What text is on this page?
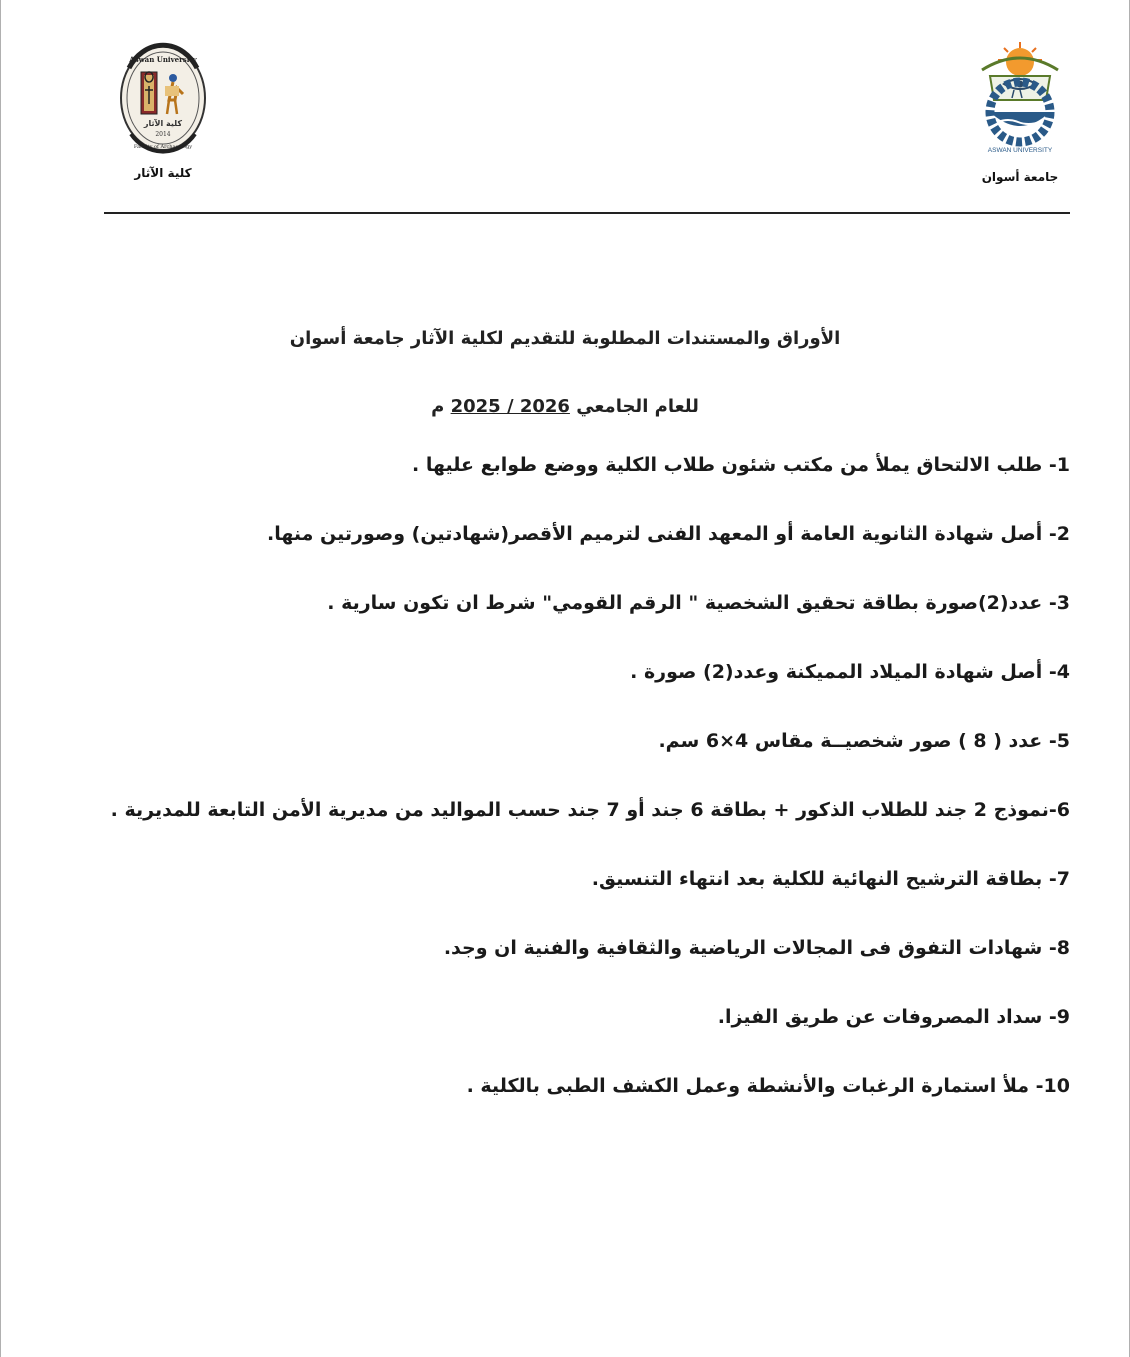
Aswan University
كلية الآثار
2014
Faculty of Archaeology
كلية الآثار
ASWAN UNIVERSITY
جامعة أسوان
الأوراق والمستندات المطلوبة للتقديم لكلية الآثار جامعة أسوان
للعام الجامعي 2025 / 2026 م

1- طلب الالتحاق يملأ من مكتب شئون طلاب الكلية ووضع طوابع عليها .

2- أصل شهادة الثانوية العامة أو المعهد الفنى لترميم الأقصر(شهادتين) وصورتين منها.

3- عدد(2)صورة بطاقة تحقيق الشخصية " الرقم القومي" شرط ان تكون سارية .

4- أصل شهادة الميلاد المميكنة وعدد(2) صورة .

5- عدد ( 8 ) صور شخصيــة مقاس 4×6 سم.

6-نموذج 2 جند للطلاب الذكور + بطاقة 6 جند أو 7 جند حسب المواليد من مديرية الأمن التابعة للمديرية .

7- بطاقة الترشيح النهائية للكلية بعد انتهاء التنسيق.

8- شهادات التفوق فى المجالات الرياضية والثقافية والفنية ان وجد.

9- سداد المصروفات عن طريق الفيزا.

10- ملأ استمارة الرغبات والأنشطة وعمل الكشف الطبى بالكلية .
